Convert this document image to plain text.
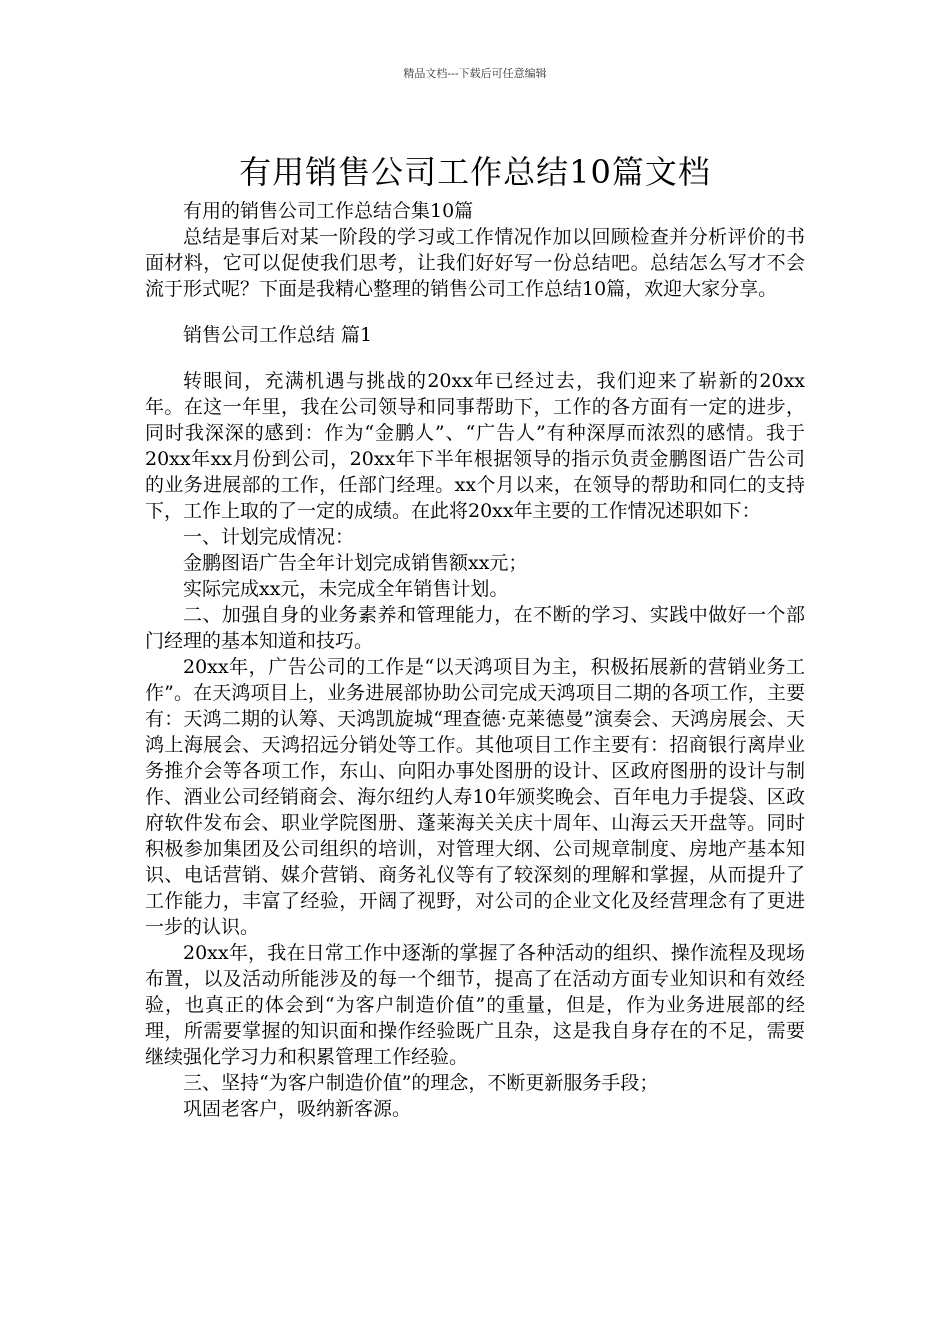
精品文档---下载后可任意编辑
有用销售公司工作总结10篇文档

有用的销售公司工作总结合集10篇

总结是事后对某一阶段的学习或工作情况作加以回顾检查并分析评价的书面材料，它可以促使我们思考，让我们好好写一份总结吧。总结怎么写才不会流于形式呢？下面是我精心整理的销售公司工作总结10篇，欢迎大家分享。

销售公司工作总结 篇1

转眼间，充满机遇与挑战的20xx年已经过去，我们迎来了崭新的20xx年。在这一年里，我在公司领导和同事帮助下，工作的各方面有一定的进步，同时我深深的感到：作为“金鹏人”、“广告人”有种深厚而浓烈的感情。我于20xx年xx月份到公司，20xx年下半年根据领导的指示负责金鹏图语广告公司的业务进展部的工作，任部门经理。xx个月以来，在领导的帮助和同仁的支持下，工作上取的了一定的成绩。在此将20xx年主要的工作情况述职如下：

一、计划完成情况：

金鹏图语广告全年计划完成销售额xx元；

实际完成xx元，未完成全年销售计划。

二、加强自身的业务素养和管理能力，在不断的学习、实践中做好一个部门经理的基本知道和技巧。

20xx年，广告公司的工作是“以天鸿项目为主，积极拓展新的营销业务工作”。在天鸿项目上，业务进展部协助公司完成天鸿项目二期的各项工作，主要有：天鸿二期的认筹、天鸿凯旋城“理查德·克莱德曼”演奏会、天鸿房展会、天鸿上海展会、天鸿招远分销处等工作。其他项目工作主要有：招商银行离岸业务推介会等各项工作，东山、向阳办事处图册的设计、区政府图册的设计与制作、酒业公司经销商会、海尔纽约人寿10年颁奖晚会、百年电力手提袋、区政府软件发布会、职业学院图册、蓬莱海关关庆十周年、山海云天开盘等。同时积极参加集团及公司组织的培训，对管理大纲、公司规章制度、房地产基本知识、电话营销、媒介营销、商务礼仪等有了较深刻的理解和掌握，从而提升了工作能力，丰富了经验，开阔了视野，对公司的企业文化及经营理念有了更进一步的认识。

20xx年，我在日常工作中逐渐的掌握了各种活动的组织、操作流程及现场布置，以及活动所能涉及的每一个细节，提高了在活动方面专业知识和有效经验，也真正的体会到“为客户制造价值”的重量，但是，作为业务进展部的经理，所需要掌握的知识面和操作经验既广且杂，这是我自身存在的不足，需要继续强化学习力和积累管理工作经验。

三、坚持“为客户制造价值”的理念，不断更新服务手段；

巩固老客户，吸纳新客源。
